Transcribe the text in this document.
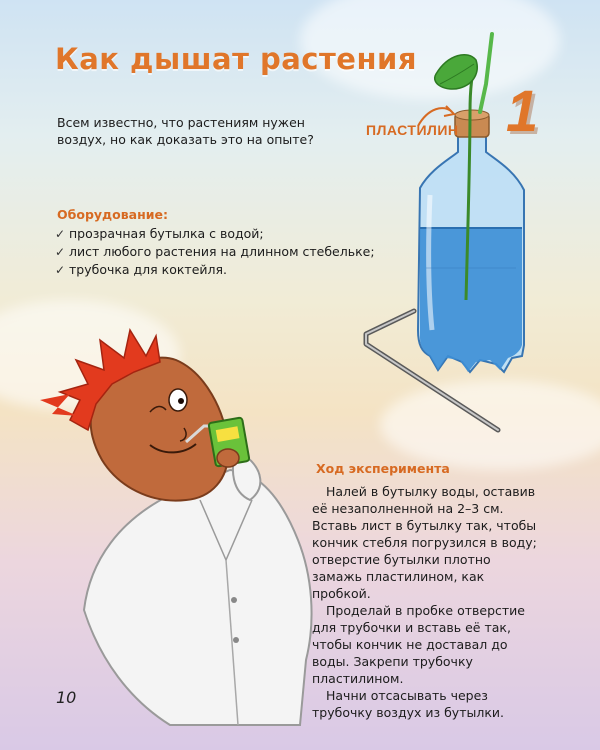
Как дышат растения

Всем известно, что растениям нужен воздух, но как доказать это на опыте?

Оборудование:
✓ прозрачная бутылка с водой;
✓ лист любого растения на длинном стебельке;
✓ трубочка для коктейля.
ПЛАСТИЛИН 1
Ход эксперимента

Налей в бутылку воды, оставив её незаполненной на 2–3 см. Вставь лист в бутылку так, чтобы кончик стебля погрузился в воду; отверстие бутылки плотно замажь пластилином, как пробкой.

Проделай в пробке отверстие для трубочки и вставь её так, чтобы кончик не доставал до воды. Закрепи трубочку пластилином.

Начни отсасывать через трубочку воздух из бутылки.

10
